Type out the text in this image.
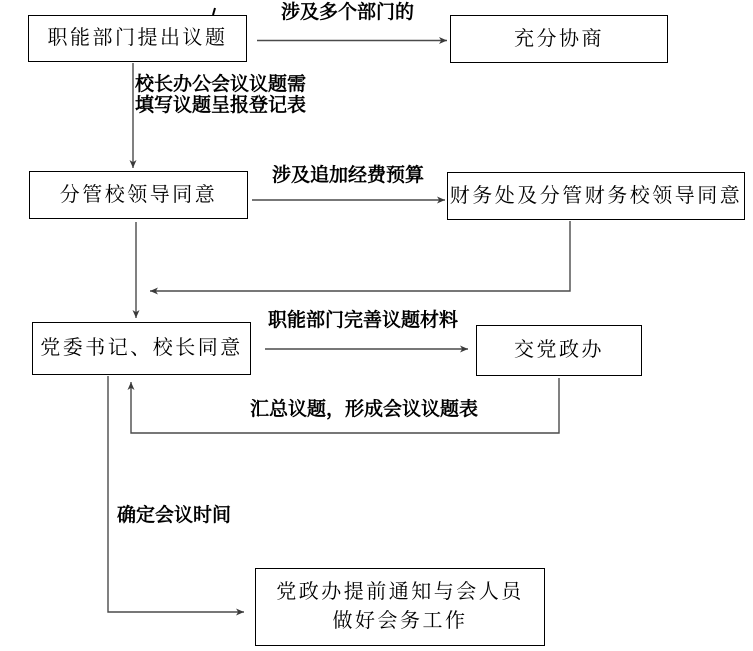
职能部门提出议题	充分协商
分管校领导同意	财务处及分管财务校领导同意
党委书记、校长同意	交党政办
党政办提前通知与会人员
做好会务工作
涉及多个部门的
校长办公会议议题需
填写议题呈报登记表
涉及追加经费预算
职能部门完善议题材料
汇总议题，形成会议议题表
确定会议时间
